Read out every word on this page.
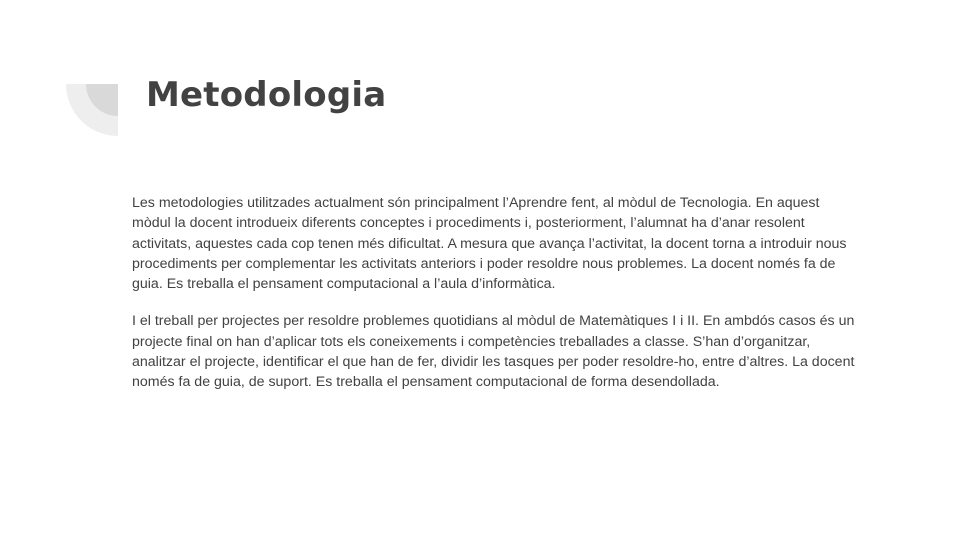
Metodologia

Les metodologies utilitzades actualment són principalment l’Aprendre fent, al mòdul de Tecnologia. En aquest mòdul la docent introdueix diferents conceptes i procediments i, posteriorment, l’alumnat ha d’anar resolent activitats, aquestes cada cop tenen més dificultat. A mesura que avança l’activitat, la docent torna a introduir nous procediments per complementar les activitats anteriors i poder resoldre nous problemes. La docent només fa de guia. Es treballa el pensament computacional a l’aula d’informàtica.

I el treball per projectes per resoldre problemes quotidians al mòdul de Matemàtiques I i II. En ambdós casos és un projecte final on han d’aplicar tots els coneixements i competències treballades a classe. S’han d’organitzar, analitzar el projecte, identificar el que han de fer, dividir les tasques per poder resoldre-ho, entre d’altres. La docent només fa de guia, de suport. Es treballa el pensament computacional de forma desendollada.
